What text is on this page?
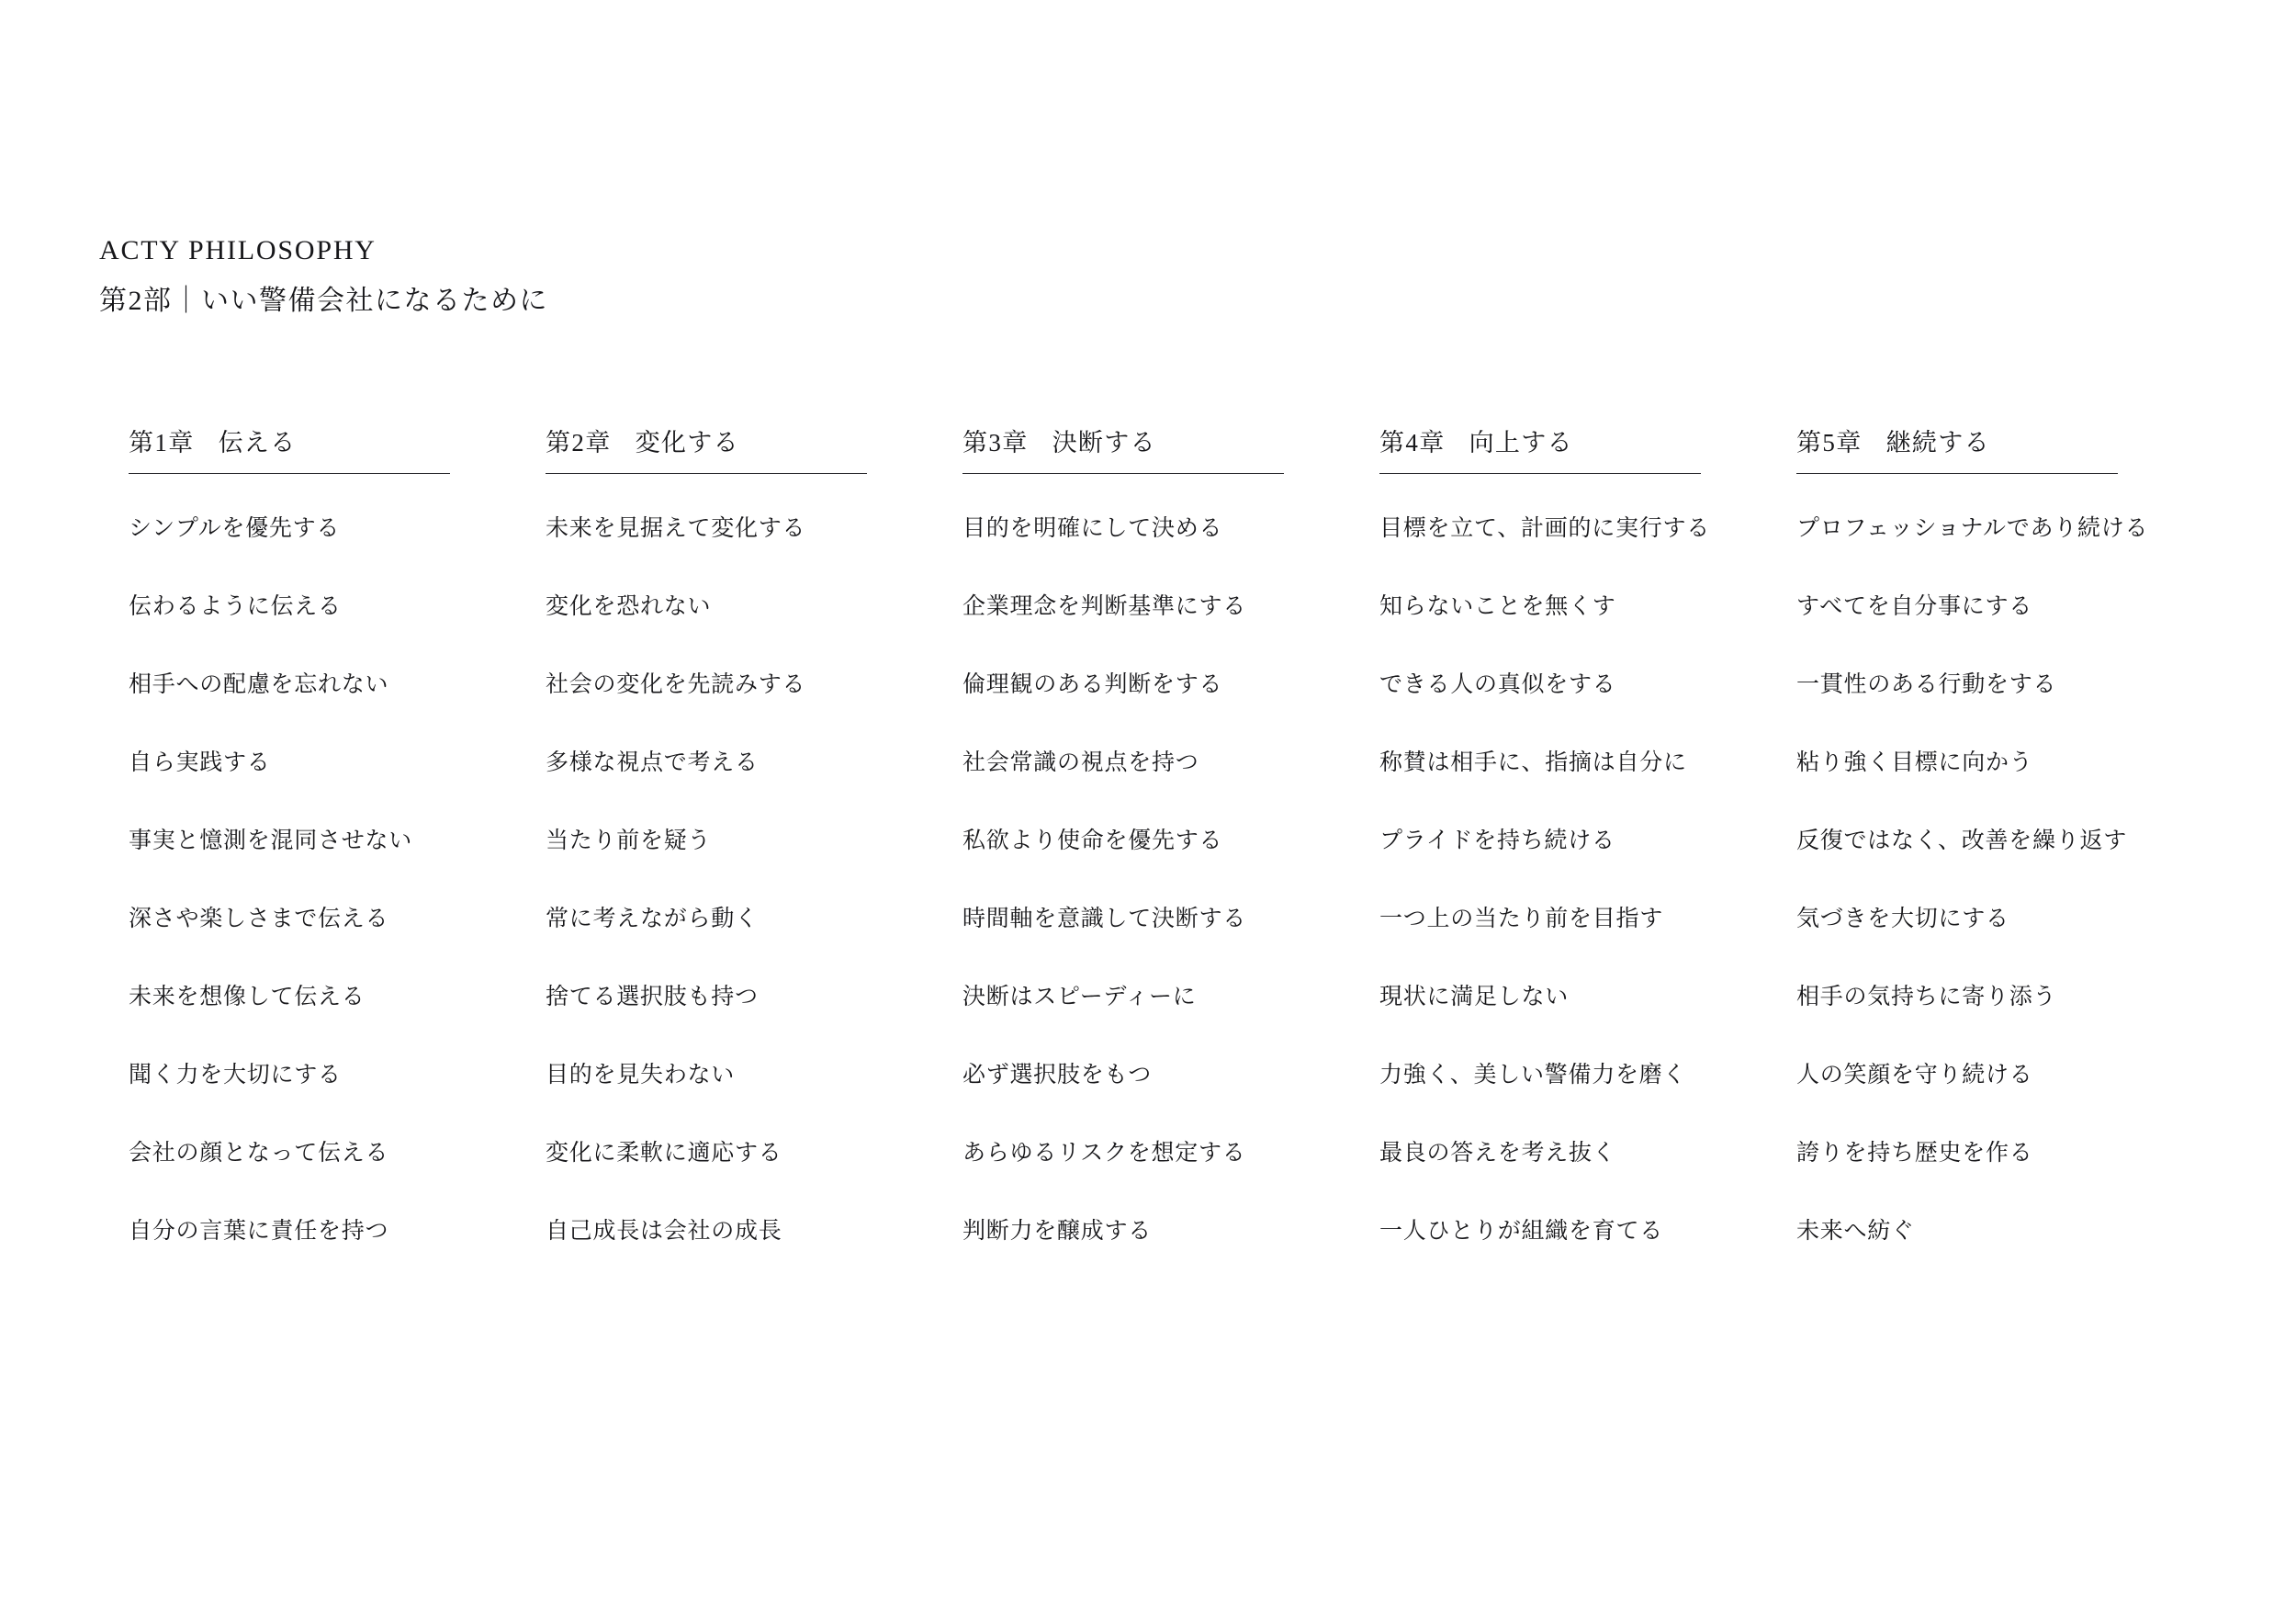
ACTY PHILOSOPHY
第2部｜いい警備会社になるために
第1章 伝える
シンプルを優先する
伝わるように伝える
相手への配慮を忘れない
自ら実践する
事実と憶測を混同させない
深さや楽しさまで伝える
未来を想像して伝える
聞く力を大切にする
会社の顔となって伝える
自分の言葉に責任を持つ
第2章 変化する
未来を見据えて変化する
変化を恐れない
社会の変化を先読みする
多様な視点で考える
当たり前を疑う
常に考えながら動く
捨てる選択肢も持つ
目的を見失わない
変化に柔軟に適応する
自己成長は会社の成長
第3章 決断する
目的を明確にして決める
企業理念を判断基準にする
倫理観のある判断をする
社会常識の視点を持つ
私欲より使命を優先する
時間軸を意識して決断する
決断はスピーディーに
必ず選択肢をもつ
あらゆるリスクを想定する
判断力を醸成する
第4章 向上する
目標を立て、計画的に実行する
知らないことを無くす
できる人の真似をする
称賛は相手に、指摘は自分に
プライドを持ち続ける
一つ上の当たり前を目指す
現状に満足しない
力強く、美しい警備力を磨く
最良の答えを考え抜く
一人ひとりが組織を育てる
第5章 継続する
プロフェッショナルであり続ける
すべてを自分事にする
一貫性のある行動をする
粘り強く目標に向かう
反復ではなく、改善を繰り返す
気づきを大切にする
相手の気持ちに寄り添う
人の笑顔を守り続ける
誇りを持ち歴史を作る
未来へ紡ぐ
